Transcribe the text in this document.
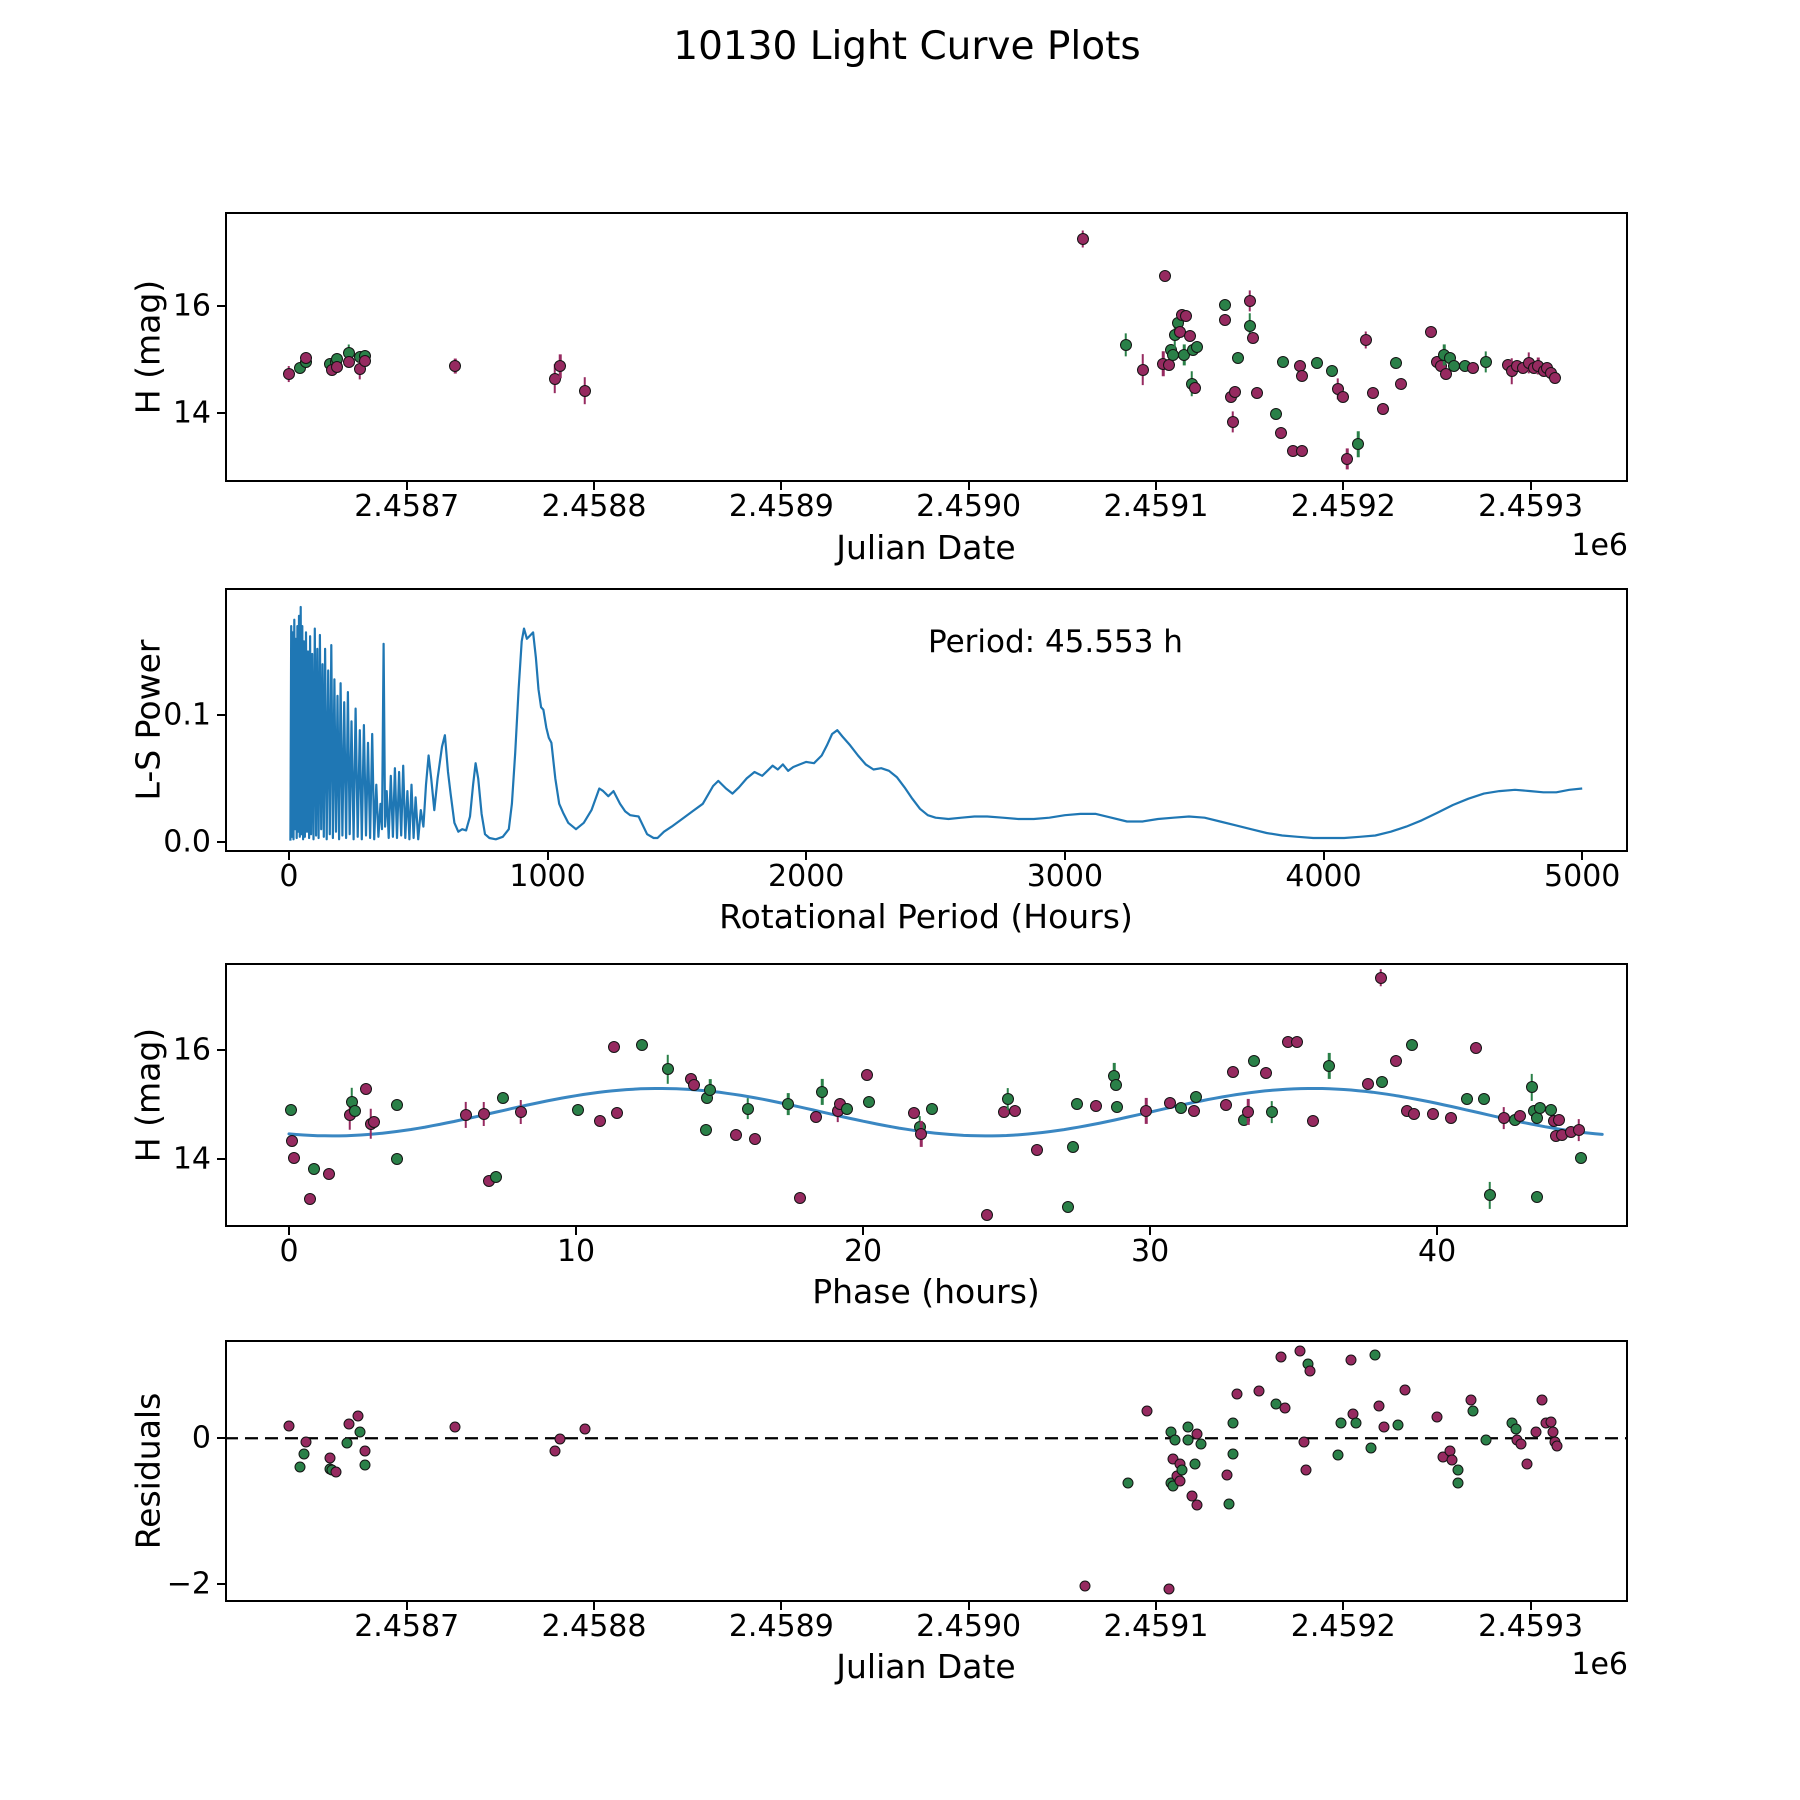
10130 Light Curve Plots
H (mag)
L-S Power
H (mag)
Residuals
Julian Date
Rotational Period (Hours)
Phase (hours)
Julian Date
1e6
1e6
Period: 45.553 h
2.4587	2.4588	2.4589	2.4590	2.4591	2.4592	2.4593
14
16
0	1000	2000	3000	4000	5000
0.0
0.1
0	10	20	30	40
14
16
2.4587	2.4588	2.4589	2.4590	2.4591	2.4592	2.4593
−2
0
